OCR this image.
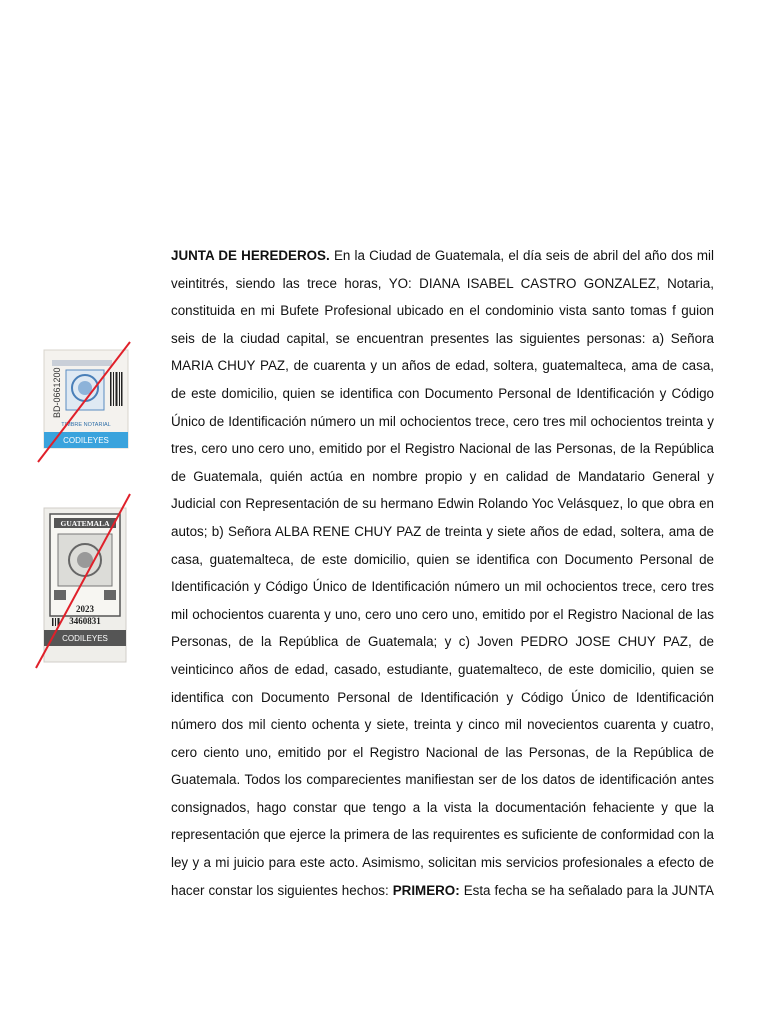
JUNTA DE HEREDEROS. En la Ciudad de Guatemala, el día seis de abril del año dos mil veintitrés, siendo las trece horas, YO: DIANA ISABEL CASTRO GONZALEZ, Notaria, constituida en mi Bufete Profesional ubicado en el condominio vista santo tomas f guion seis de la ciudad capital, se encuentran presentes las siguientes personas: a) Señora MARIA CHUY PAZ, de cuarenta y un años de edad, soltera, guatemalteca, ama de casa, de este domicilio, quien se identifica con Documento Personal de Identificación y Código Único de Identificación número un mil ochocientos trece, cero tres mil ochocientos treinta y tres, cero uno cero uno, emitido por el Registro Nacional de las Personas, de la República de Guatemala, quién actúa en nombre propio y en calidad de Mandatario General y Judicial con Representación de su hermano Edwin Rolando Yoc Velásquez, lo que obra en autos; b) Señora ALBA RENE CHUY PAZ de treinta y siete años de edad, soltera, ama de casa, guatemalteca, de este domicilio, quien se identifica con Documento Personal de Identificación y Código Único de Identificación número un mil ochocientos trece, cero tres mil ochocientos cuarenta y uno, cero uno cero uno, emitido por el Registro Nacional de las Personas, de la República de Guatemala; y c) Joven PEDRO JOSE CHUY PAZ, de veinticinco años de edad, casado, estudiante, guatemalteco, de este domicilio, quien se identifica con Documento Personal de Identificación y Código Único de Identificación número dos mil ciento ochenta y siete, treinta y cinco mil novecientos cuarenta y cuatro, cero ciento uno, emitido por el Registro Nacional de las Personas, de la República de Guatemala. Todos los comparecientes manifiestan ser de los datos de identificación antes consignados, hago constar que tengo a la vista la documentación fehaciente y que la representación que ejerce la primera de las requirentes es suficiente de conformidad con la ley y a mi juicio para este acto. Asimismo, solicitan mis servicios profesionales a efecto de hacer constar los siguientes hechos: PRIMERO: Esta fecha se ha señalado para la JUNTA

BD-0661200
TIMBRE NOTARIAL
CODILEYES
GUATEMALA
2023
3460831
CODILEYES
